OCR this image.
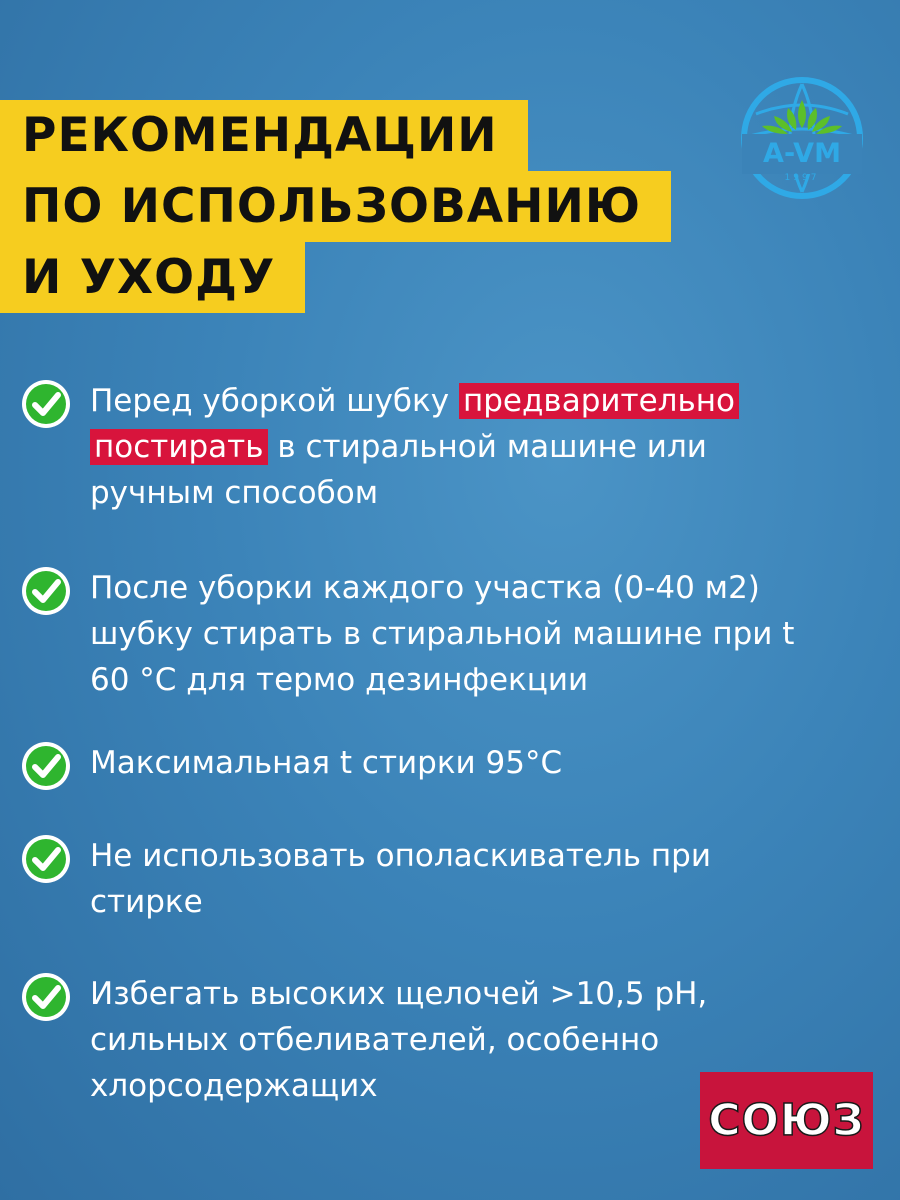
РЕКОМЕНДАЦИИ
ПО ИСПОЛЬЗОВАНИЮ
И УХОДУ
A-VM
1997
Перед уборкой шубку предварительно
постирать в стиральной машине или
ручным способом
После уборки каждого участка (0-40 м2)
шубку стирать в стиральной машине при t
60 °C для термо дезинфекции
Максимальная t стирки 95°C
Не использовать ополаскиватель при
стирке
Избегать высоких щелочей >10,5 pH,
сильных отбеливателей, особенно
хлорсодержащих
СОЮЗ
